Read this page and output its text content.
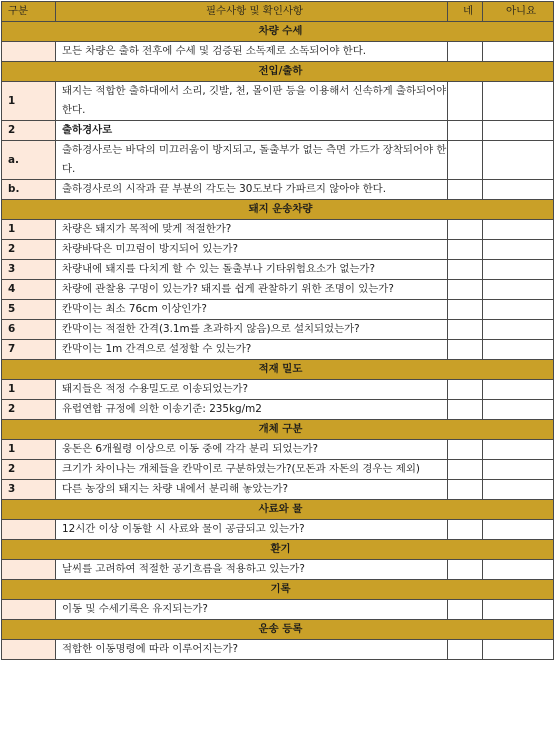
구분	필수사항 및 확인사항	네	아니요
차량 수세			
	모든 차량은 출하 전후에 수세 및 검증된 소독제로 소독되어야 한다.		
전입/출하			
1	돼지는 적합한 출하대에서 소리, 깃발, 천, 몰이판 등을 이용해서 신속하게 출하되어야 한다.		
2	출하경사로		
a.	출하경사로는 바닥의 미끄러움이 방지되고, 돌출부가 없는 측면 가드가 장착되어야 한다.		
b.	출하경사로의 시작과 끝 부분의 각도는 30도보다 가파르지 않아야 한다.		
돼지 운송차량			
1	차량은 돼지가 목적에 맞게 적절한가?		
2	차량바닥은 미끄럼이 방지되어 있는가?		
3	차량내에 돼지를 다치게 할 수 있는 돌출부나 기타위험요소가 없는가?		
4	차량에 관찰용 구멍이 있는가? 돼지를 쉽게 관찰하기 위한 조명이 있는가?		
5	칸막이는 최소 76cm 이상인가?		
6	칸막이는 적절한 간격(3.1m를 초과하지 않음)으로 설치되었는가?		
7	칸막이는 1m 간격으로 설정할 수 있는가?		
적재 밀도			
1	돼지들은 적정 수용밀도로 이송되었는가?		
2	유럽연합 규정에 의한 이송기준: 235kg/m2		
개체 구분			
1	웅돈은 6개월령 이상으로 이동 중에 각각 분리 되었는가?		
2	크기가 차이나는 개체들을 칸막이로 구분하였는가?(모돈과 자돈의 경우는 제외)		
3	다른 농장의 돼지는 차량 내에서 분리해 놓았는가?		
사료와 물			
	12시간 이상 이동할 시 사료와 물이 공급되고 있는가?		
환기			
	날씨를 고려하여 적절한 공기흐름을 적용하고 있는가?		
기록			
	이동 및 수세기록은 유지되는가?		
운송 등록			
	적합한 이동명령에 따라 이루어지는가?		
